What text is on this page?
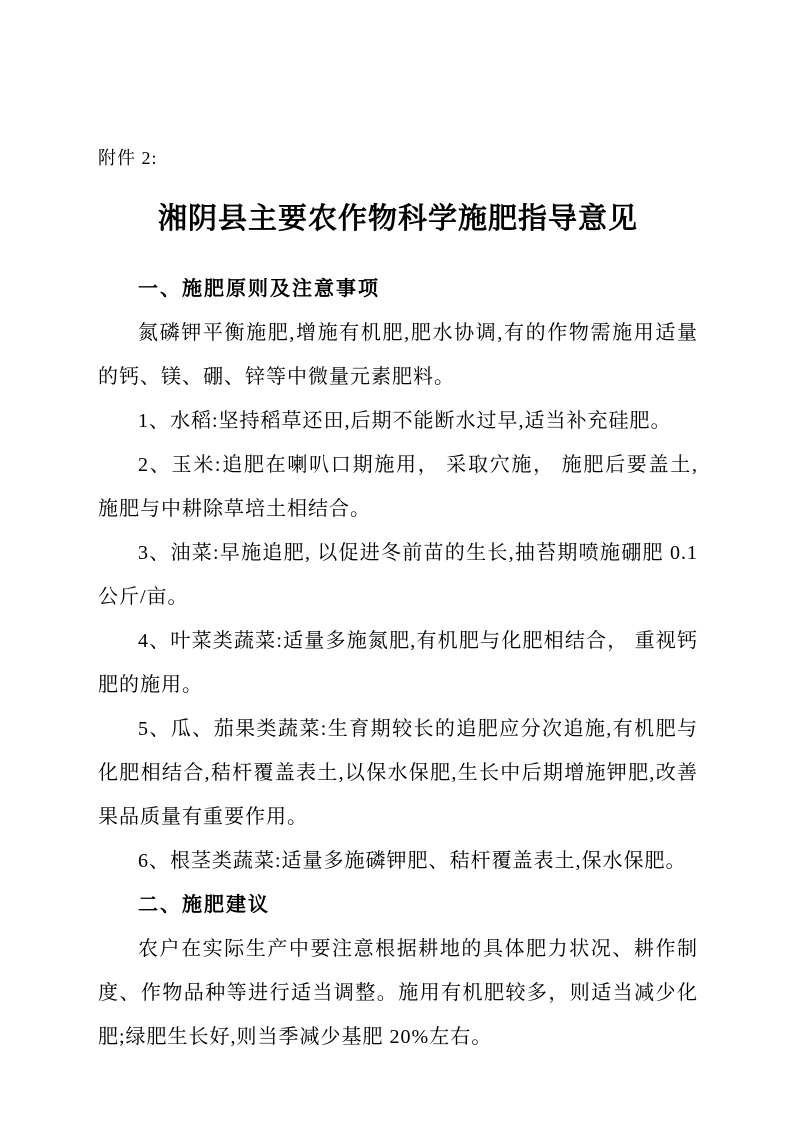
附件 2:
湘阴县主要农作物科学施肥指导意见
一、施肥原则及注意事项

氮磷钾平衡施肥,增施有机肥,肥水协调,有的作物需施用适量的钙、镁、硼、锌等中微量元素肥料。

1、水稻:坚持稻草还田,后期不能断水过早,适当补充硅肥。

2、玉米:追肥在喇叭口期施用， 采取穴施， 施肥后要盖土,施肥与中耕除草培土相结合。

3、油菜:早施追肥, 以促进冬前苗的生长,抽苔期喷施硼肥 0.1 公斤/亩。

4、叶菜类蔬菜:适量多施氮肥,有机肥与化肥相结合， 重视钙肥的施用。

5、瓜、茄果类蔬菜:生育期较长的追肥应分次追施,有机肥与化肥相结合,秸杆覆盖表土,以保水保肥,生长中后期增施钾肥,改善果品质量有重要作用。

6、根茎类蔬菜:适量多施磷钾肥、秸杆覆盖表土,保水保肥。

二、施肥建议

农户在实际生产中要注意根据耕地的具体肥力状况、耕作制度、作物品种等进行适当调整。施用有机肥较多，则适当减少化肥;绿肥生长好,则当季减少基肥 20%左右。
